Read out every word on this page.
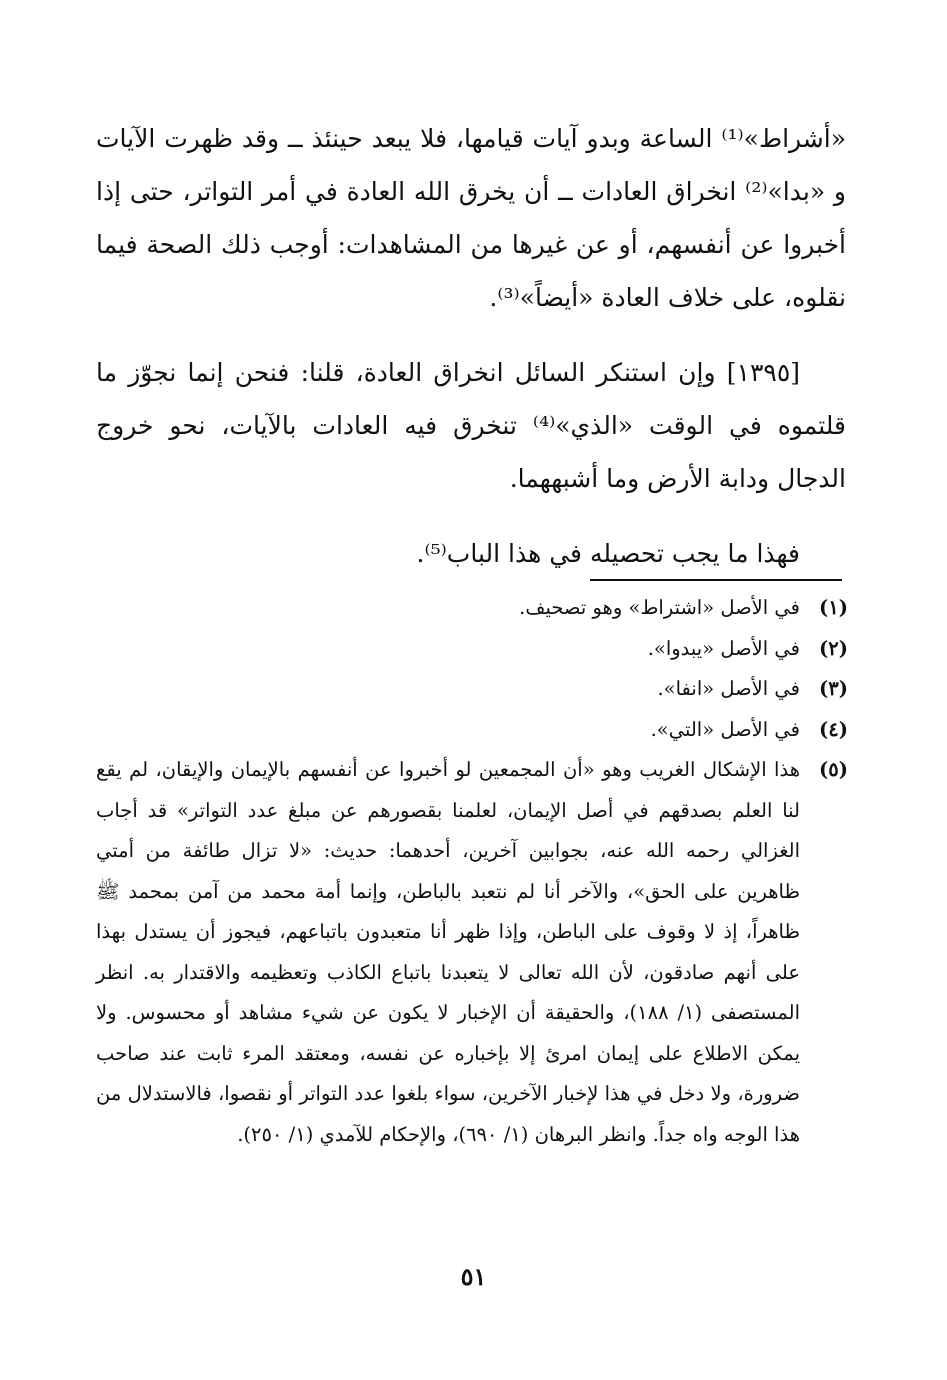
«أشراط»⁽¹⁾ الساعة وبدو آيات قيامها، فلا يبعد حينئذ ــ وقد ظهرت الآيات و «بدا»⁽²⁾ انخراق العادات ــ أن يخرق الله العادة في أمر التواتر، حتى إذا أخبروا عن أنفسهم، أو عن غيرها من المشاهدات: أوجب ذلك الصحة فيما نقلوه، على خلاف العادة «أيضاً»⁽³⁾.

[١٣٩٥] وإن استنكر السائل انخراق العادة، قلنا: فنحن إنما نجوّز ما قلتموه في الوقت «الذي»⁽⁴⁾ تنخرق فيه العادات بالآيات، نحو خروج الدجال ودابة الأرض وما أشبههما.

فهذا ما يجب تحصيله في هذا الباب⁽⁵⁾.

(١)
في الأصل «اشتراط» وهو تصحيف.
(٢)
في الأصل «يبدوا».
(٣)
في الأصل «انفا».
(٤)
في الأصل «التي».
(٥)
هذا الإشكال الغريب وهو «أن المجمعين لو أخبروا عن أنفسهم بالإيمان والإيقان، لم يقع لنا العلم بصدقهم في أصل الإيمان، لعلمنا بقصورهم عن مبلغ عدد التواتر» قد أجاب الغزالي رحمه الله عنه، بجوابين آخرين، أحدهما: حديث: «لا تزال طائفة من أمتي ظاهرين على الحق»، والآخر أنا لم نتعبد بالباطن، وإنما أمة محمد من آمن بمحمد ﷺ ظاهراً، إذ لا وقوف على الباطن، وإذا ظهر أنا متعبدون باتباعهم، فيجوز أن يستدل بهذا على أنهم صادقون، لأن الله تعالى لا يتعبدنا باتباع الكاذب وتعظيمه والاقتدار به. انظر المستصفى (١/ ١٨٨)، والحقيقة أن الإخبار لا يكون عن شيء مشاهد أو محسوس. ولا يمكن الاطلاع على إيمان امرئ إلا بإخباره عن نفسه، ومعتقد المرء ثابت عند صاحب ضرورة، ولا دخل في هذا لإخبار الآخرين، سواء بلغوا عدد التواتر أو نقصوا، فالاستدلال من هذا الوجه واه جداً. وانظر البرهان (١/ ٦٩٠)، والإحكام للآمدي (١/ ٢٥٠).
٥١
